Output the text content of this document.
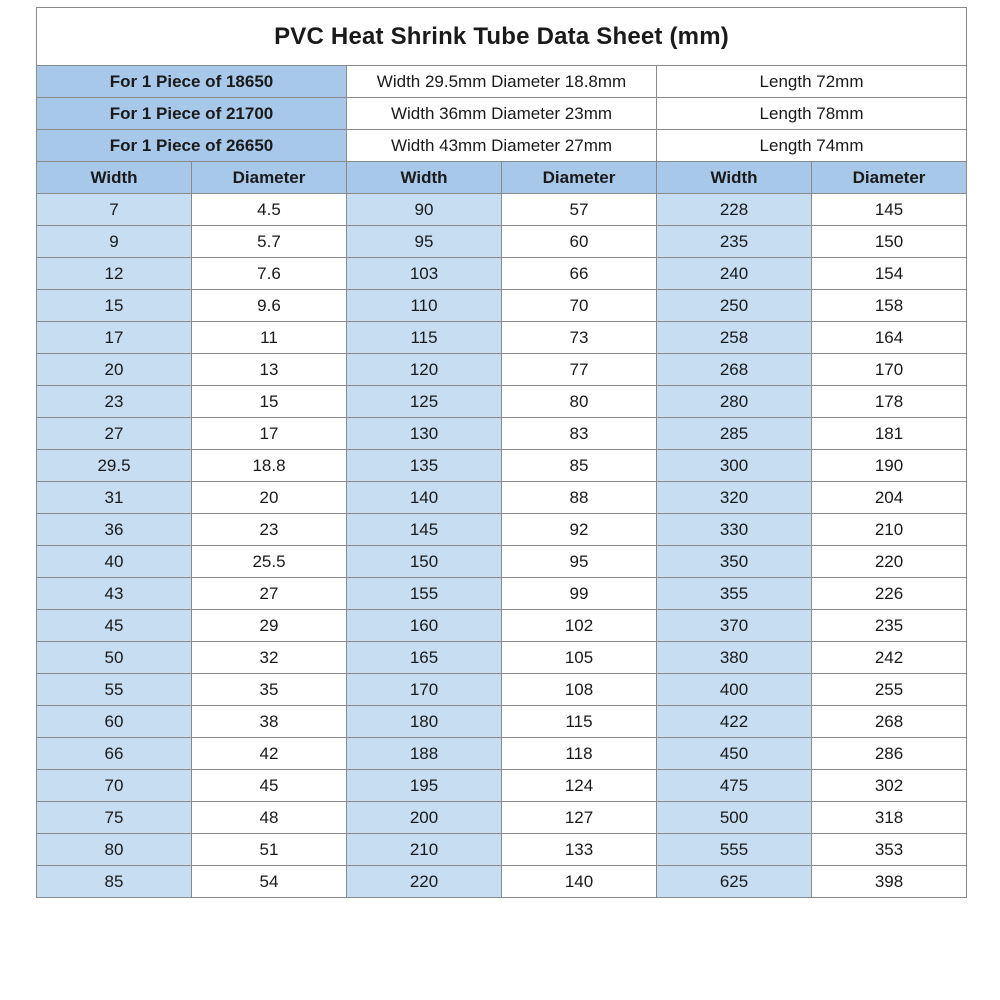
PVC Heat Shrink Tube Data Sheet (mm)					
For 1 Piece of 18650		Width 29.5mm Diameter 18.8mm		Length 72mm	
For 1 Piece of 21700		Width 36mm Diameter 23mm		Length 78mm	
For 1 Piece of 26650		Width 43mm Diameter 27mm		Length 74mm	
Width	Diameter	Width	Diameter	Width	Diameter
7	4.5	90	57	228	145
9	5.7	95	60	235	150
12	7.6	103	66	240	154
15	9.6	110	70	250	158
17	11	115	73	258	164
20	13	120	77	268	170
23	15	125	80	280	178
27	17	130	83	285	181
29.5	18.8	135	85	300	190
31	20	140	88	320	204
36	23	145	92	330	210
40	25.5	150	95	350	220
43	27	155	99	355	226
45	29	160	102	370	235
50	32	165	105	380	242
55	35	170	108	400	255
60	38	180	115	422	268
66	42	188	118	450	286
70	45	195	124	475	302
75	48	200	127	500	318
80	51	210	133	555	353
85	54	220	140	625	398
